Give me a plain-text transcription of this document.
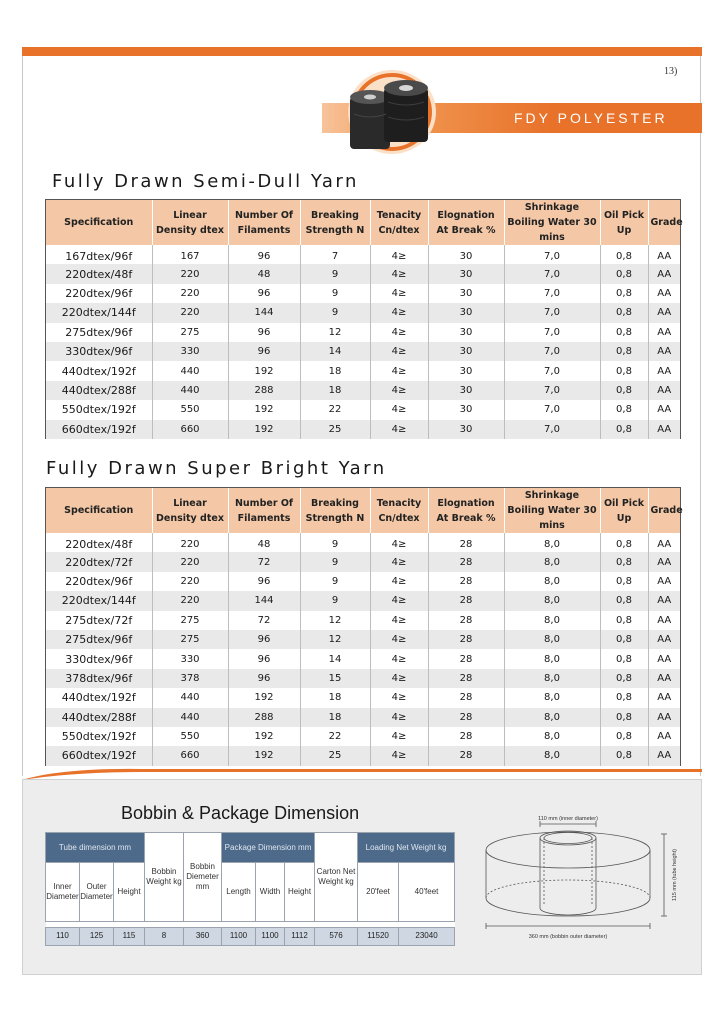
13)
FDY POLYESTER
Fully Drawn Semi-Dull Yarn
Specification	Linear Density dtex	Number Of Filaments	Breaking Strength N	Tenacity Cn/dtex	Elognation At Break %	Shrinkage Boiling Water 30 mins	Oil Pick Up	Grade
167dtex/96f	167	96	7	4≥	30	7,0	0,8	AA
220dtex/48f	220	48	9	4≥	30	7,0	0,8	AA
220dtex/96f	220	96	9	4≥	30	7,0	0,8	AA
220dtex/144f	220	144	9	4≥	30	7,0	0,8	AA
275dtex/96f	275	96	12	4≥	30	7,0	0,8	AA
330dtex/96f	330	96	14	4≥	30	7,0	0,8	AA
440dtex/192f	440	192	18	4≥	30	7,0	0,8	AA
440dtex/288f	440	288	18	4≥	30	7,0	0,8	AA
550dtex/192f	550	192	22	4≥	30	7,0	0,8	AA
660dtex/192f	660	192	25	4≥	30	7,0	0,8	AA
Fully Drawn Super Bright Yarn
Specification	Linear Density dtex	Number Of Filaments	Breaking Strength N	Tenacity Cn/dtex	Elognation At Break %	Shrinkage Boiling Water 30 mins	Oil Pick Up	Grade
220dtex/48f	220	48	9	4≥	28	8,0	0,8	AA
220dtex/72f	220	72	9	4≥	28	8,0	0,8	AA
220dtex/96f	220	96	9	4≥	28	8,0	0,8	AA
220dtex/144f	220	144	9	4≥	28	8,0	0,8	AA
275dtex/72f	275	72	12	4≥	28	8,0	0,8	AA
275dtex/96f	275	96	12	4≥	28	8,0	0,8	AA
330dtex/96f	330	96	14	4≥	28	8,0	0,8	AA
378dtex/96f	378	96	15	4≥	28	8,0	0,8	AA
440dtex/192f	440	192	18	4≥	28	8,0	0,8	AA
440dtex/288f	440	288	18	4≥	28	8,0	0,8	AA
550dtex/192f	550	192	22	4≥	28	8,0	0,8	AA
660dtex/192f	660	192	25	4≥	28	8,0	0,8	AA
Bobbin & Package Dimension
Tube dimension mm			Bobbin Weight kg	Bobbin Diemeter mm	Package Dimension mm			Carton Net Weight kg	Loading Net Weight kg	
Inner Diameter	Outer Diameter	Height			Length	Width	Height		20'feet	40'feet

110	125	115	8	360	1100	1100	1112	576	11520	23040
110 mm (inner diameter)
115 mm (tube height)
360 mm (bobbin outer diameter)
